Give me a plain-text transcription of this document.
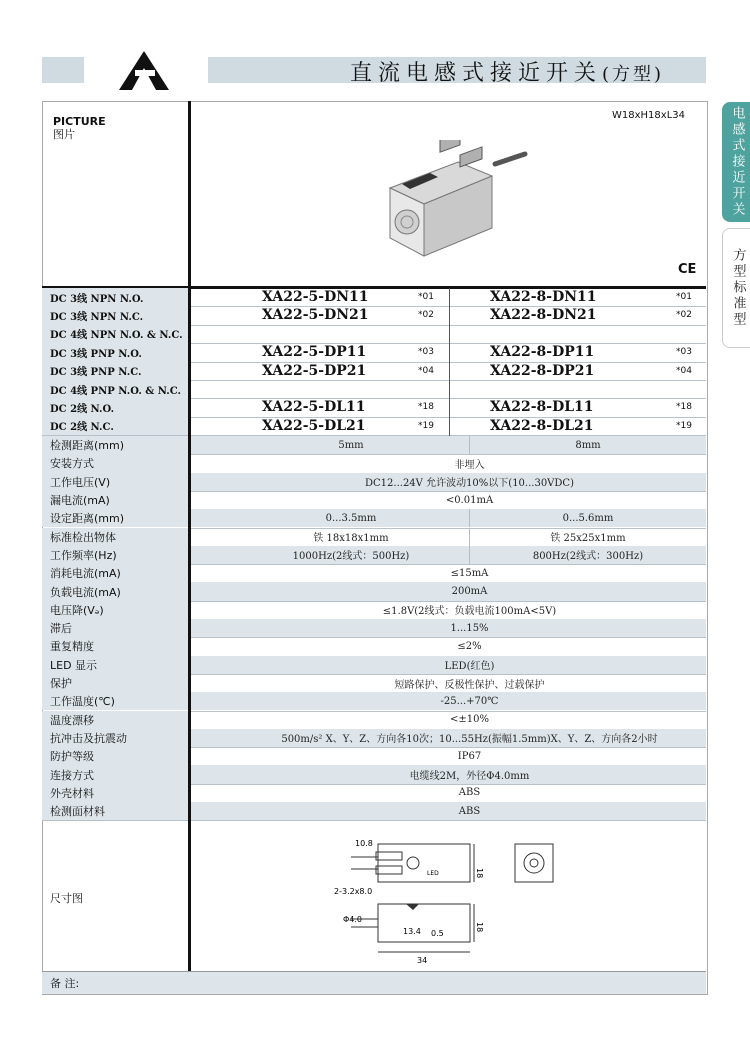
A
直流电感式接近开关(方型)
电感式接近开关
方型标准型
PICTURE
图片
W18xH18xL34
CE
DC 3线 NPN N.O.	XA22-5-DN11	*01	XA22-8-DN11	*01
DC 3线 NPN N.C.	XA22-5-DN21	*02	XA22-8-DN21	*02
DC 4线 NPN N.O. & N.C.
DC 3线 PNP N.O.	XA22-5-DP11	*03	XA22-8-DP11	*03
DC 3线 PNP N.C.	XA22-5-DP21	*04	XA22-8-DP21	*04
DC 4线 PNP N.O. & N.C.
DC 2线 N.O.	XA22-5-DL11	*18	XA22-8-DL11	*18
DC 2线 N.C.	XA22-5-DL21	*19	XA22-8-DL21	*19
检测距离(mm)	5mm	8mm
安装方式	非埋入
工作电压(V)	DC12...24V 允许波动10%以下(10...30VDC)
漏电流(mA)	<0.01mA
设定距离(mm)	0...3.5mm	0...5.6mm
标准检出物体	铁 18x18x1mm	铁 25x25x1mm
工作频率(Hz)	1000Hz(2线式：500Hz)	800Hz(2线式：300Hz)
消耗电流(mA)	≤15mA
负载电流(mA)	200mA
电压降(Vₔ)	≤1.8V(2线式：负载电流100mA<5V)
滞后	1...15%
重复精度	≤2%
LED 显示	LED(红色)
保护	短路保护、反极性保护、过载保护
工作温度(℃)	-25...+70℃
温度漂移	<±10%
抗冲击及抗震动	500m/s² X、Y、Z、方向各10次；10...55Hz(振幅1.5mm)X、Y、Z、方向各2小时
防护等级	IP67
连接方式	电缆线2M，外径Φ4.0mm
外壳材料	ABS
检测面材料	ABS
尺寸图
10.8
18
LED
2-3.2x8.0
Φ4.0
13.4 0.5
18
34
备 注:
